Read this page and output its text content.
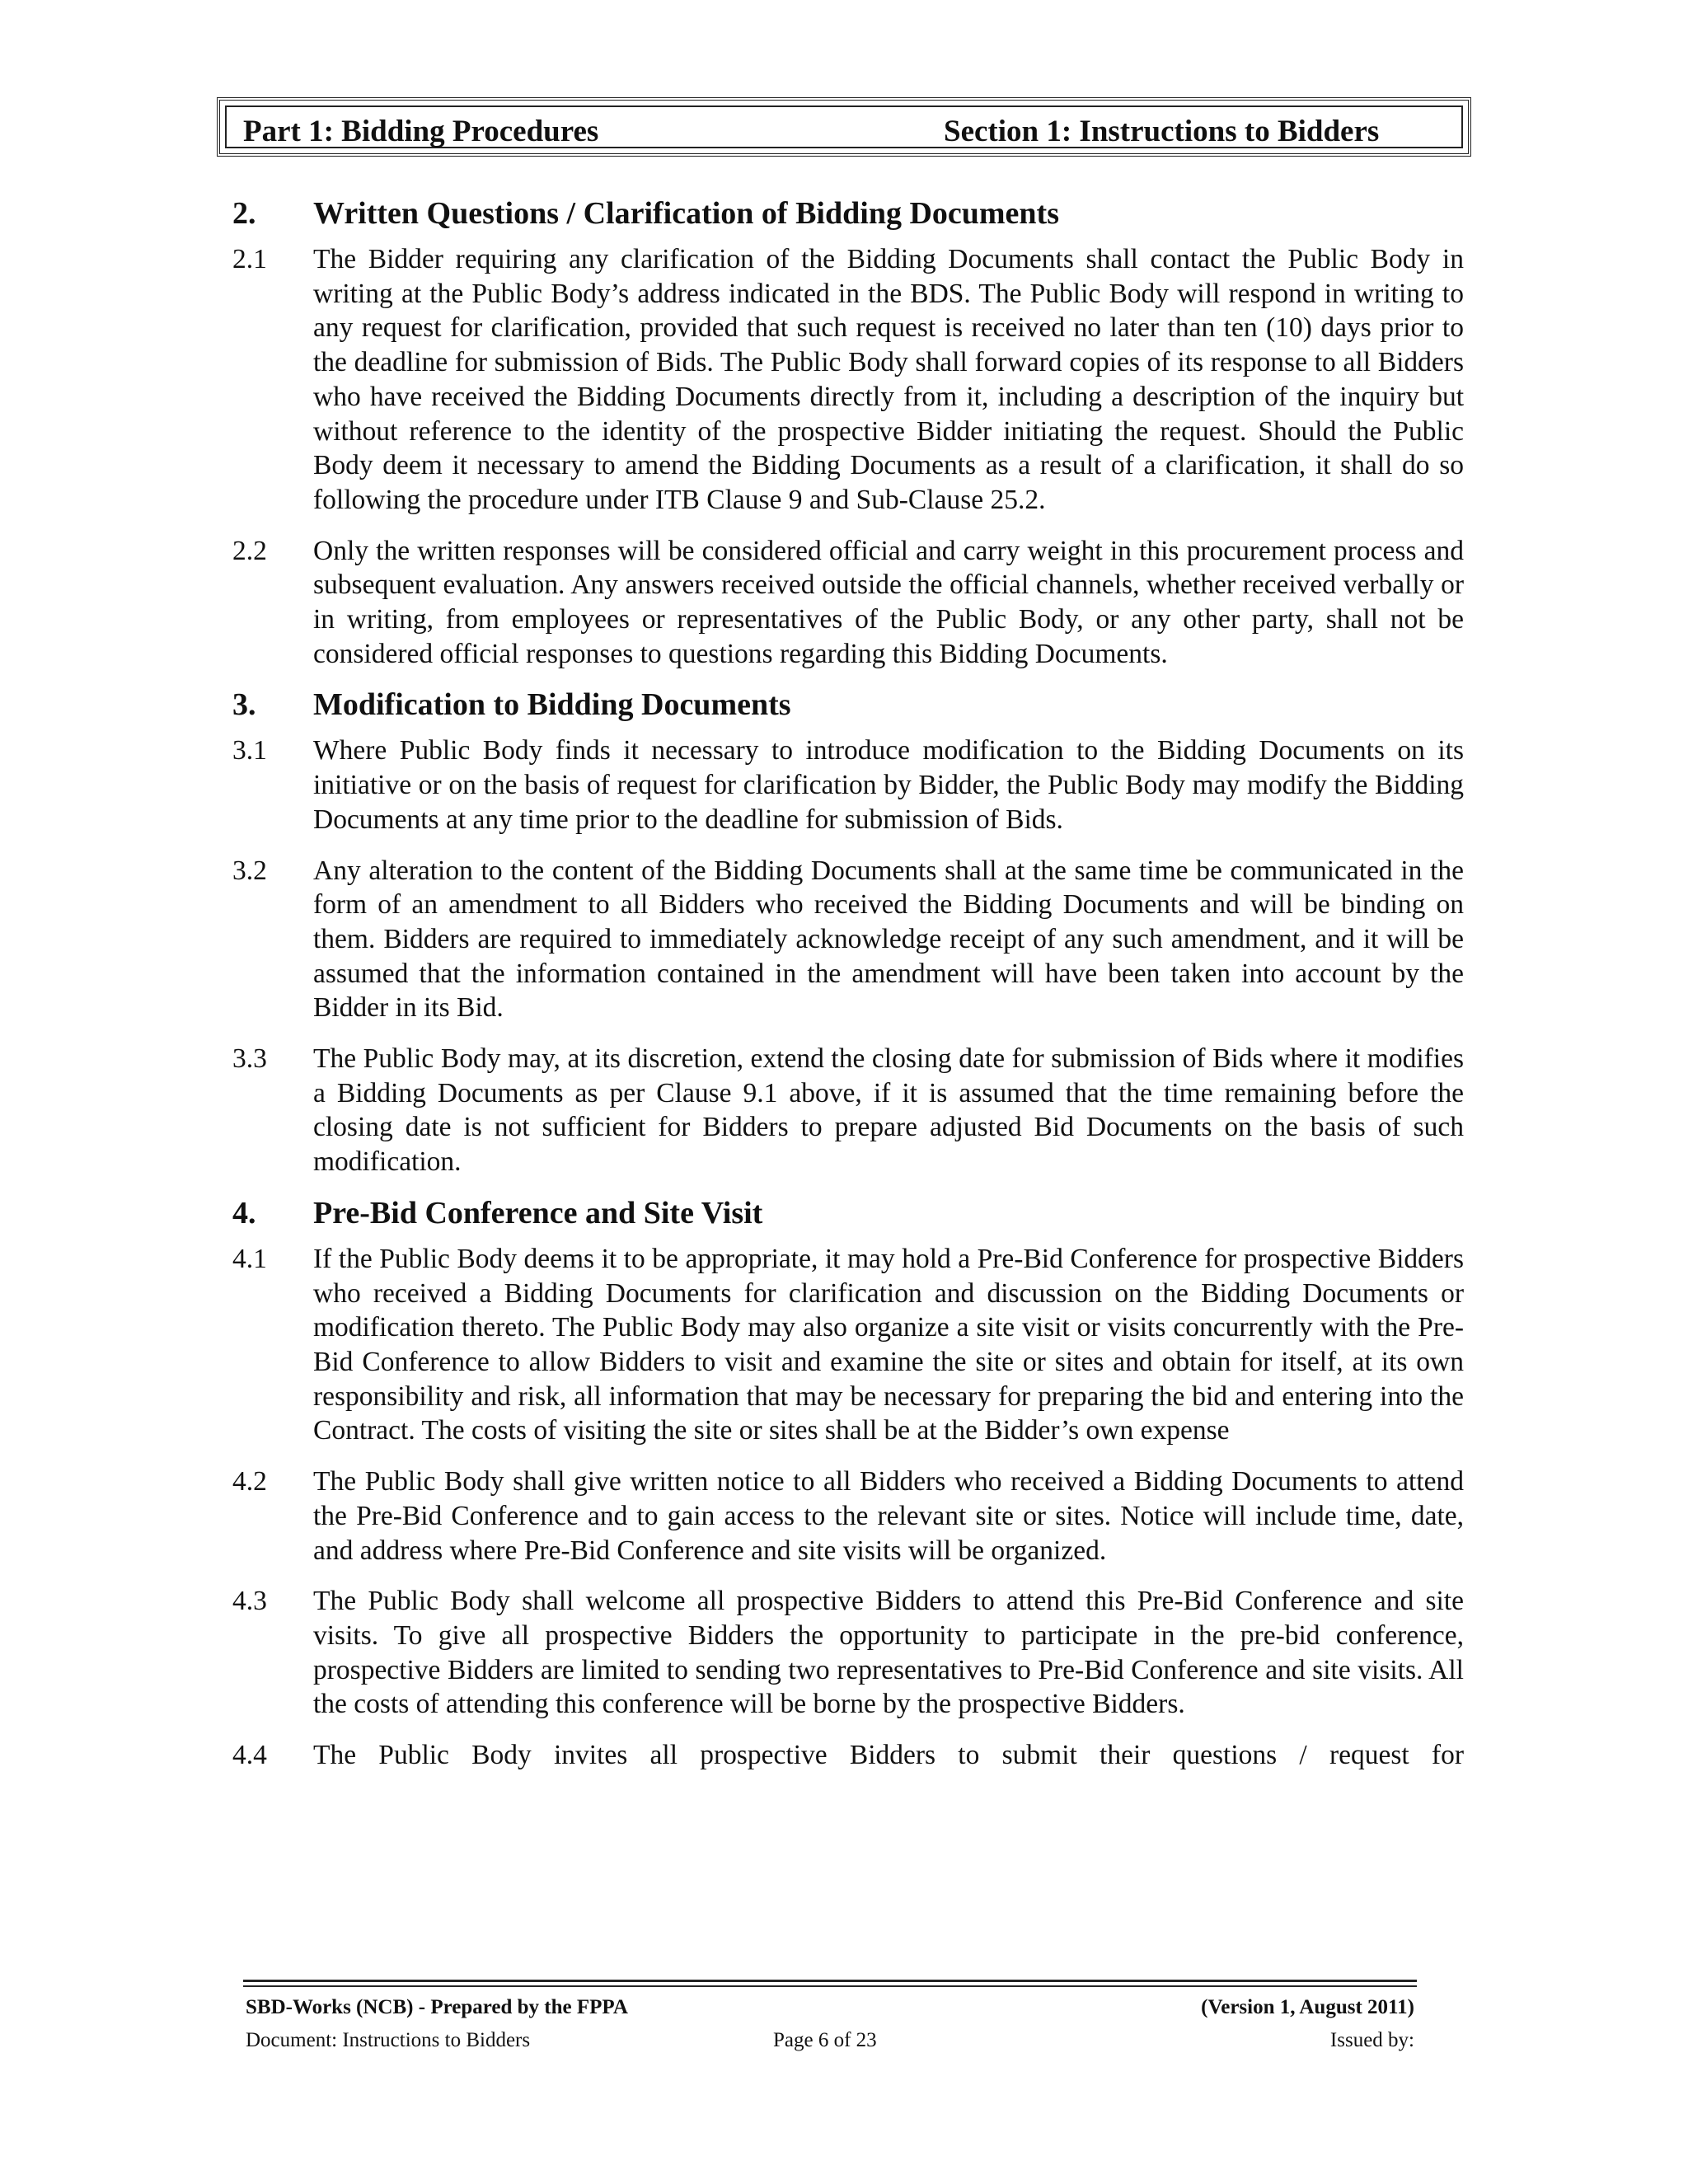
Part 1: Bidding Procedures	Section 1: Instructions to Bidders
2. Written Questions / Clarification of Bidding Documents
2.1 The Bidder requiring any clarification of the Bidding Documents shall contact the Public Body in writing at the Public Body’s address indicated in the BDS. The Public Body will respond in writing to any request for clarification, provided that such request is received no later than ten (10) days prior to the deadline for submission of Bids. The Public Body shall forward copies of its response to all Bidders who have received the Bidding Documents directly from it, including a description of the inquiry but without reference to the identity of the prospective Bidder initiating the request. Should the Public Body deem it necessary to amend the Bidding Documents as a result of a clarification, it shall do so following the procedure under ITB Clause 9 and Sub-Clause 25.2.
2.2 Only the written responses will be considered official and carry weight in this procurement process and subsequent evaluation. Any answers received outside the official channels, whether received verbally or in writing, from employees or representatives of the Public Body, or any other party, shall not be considered official responses to questions regarding this Bidding Documents.
3. Modification to Bidding Documents
3.1 Where Public Body finds it necessary to introduce modification to the Bidding Documents on its initiative or on the basis of request for clarification by Bidder, the Public Body may modify the Bidding Documents at any time prior to the deadline for submission of Bids.
3.2 Any alteration to the content of the Bidding Documents shall at the same time be communicated in the form of an amendment to all Bidders who received the Bidding Documents and will be binding on them. Bidders are required to immediately acknowledge receipt of any such amendment, and it will be assumed that the information contained in the amendment will have been taken into account by the Bidder in its Bid.
3.3 The Public Body may, at its discretion, extend the closing date for submission of Bids where it modifies a Bidding Documents as per Clause 9.1 above, if it is assumed that the time remaining before the closing date is not sufficient for Bidders to prepare adjusted Bid Documents on the basis of such modification.
4. Pre-Bid Conference and Site Visit
4.1 If the Public Body deems it to be appropriate, it may hold a Pre-Bid Conference for prospective Bidders who received a Bidding Documents for clarification and discussion on the Bidding Documents or modification thereto. The Public Body may also organize a site visit or visits concurrently with the Pre-Bid Conference to allow Bidders to visit and examine the site or sites and obtain for itself, at its own responsibility and risk, all information that may be necessary for preparing the bid and entering into the Contract. The costs of visiting the site or sites shall be at the Bidder’s own expense
4.2 The Public Body shall give written notice to all Bidders who received a Bidding Documents to attend the Pre-Bid Conference and to gain access to the relevant site or sites. Notice will include time, date, and address where Pre-Bid Conference and site visits will be organized.
4.3 The Public Body shall welcome all prospective Bidders to attend this Pre-Bid Conference and site visits. To give all prospective Bidders the opportunity to participate in the pre-bid conference, prospective Bidders are limited to sending two representatives to Pre-Bid Conference and site visits. All the costs of attending this conference will be borne by the prospective Bidders.
4.4 The Public Body invites all prospective Bidders to submit their questions / request for
SBD-Works (NCB) - Prepared by the FPPA	(Version 1, August 2011)
Document: Instructions to Bidders	Page 6 of 23	Issued by:
